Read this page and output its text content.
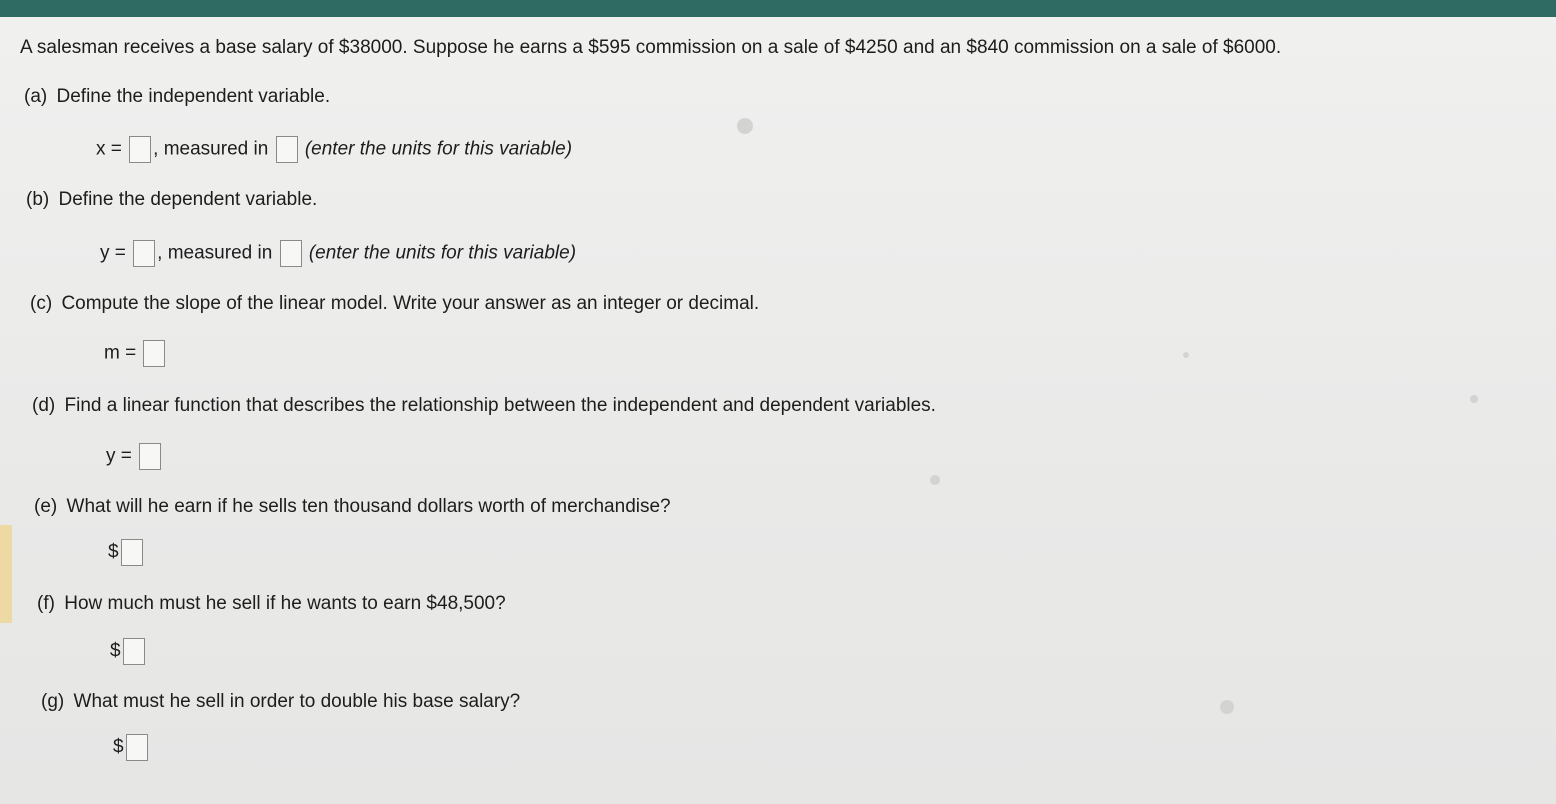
A salesman receives a base salary of $38000. Suppose he earns a $595 commission on a sale of $4250 and an $840 commission on a sale of $6000.
(a) Define the independent variable.
x = , measured in (enter the units for this variable)
(b) Define the dependent variable.
y = , measured in (enter the units for this variable)
(c) Compute the slope of the linear model. Write your answer as an integer or decimal.
m =
(d) Find a linear function that describes the relationship between the independent and dependent variables.
y =
(e) What will he earn if he sells ten thousand dollars worth of merchandise?
$
(f) How much must he sell if he wants to earn $48,500?
$
(g) What must he sell in order to double his base salary?
$
